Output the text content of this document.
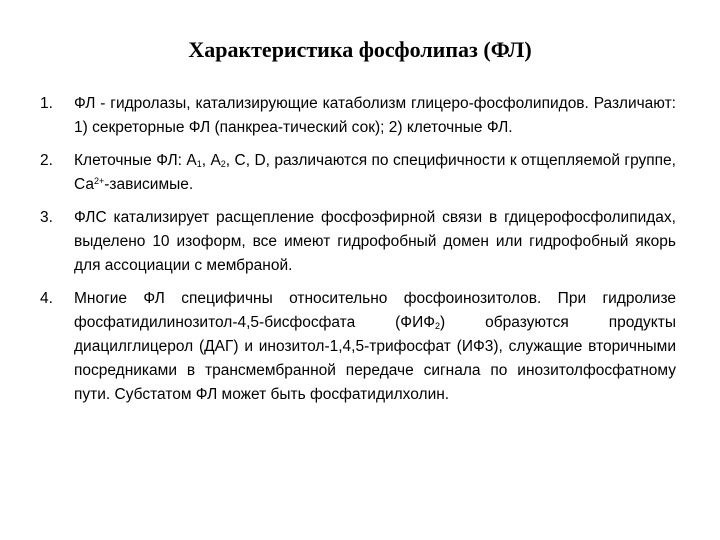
Характеристика фосфолипаз (ФЛ)
1.	ФЛ - гидролазы, катализирующие катаболизм глицеро-фосфолипидов. Различают: 1) секреторные ФЛ (панкреа-тический сок); 2) клеточные ФЛ.
2.	Клеточные ФЛ: $А_1$, $А_2$, С, D, различаются по специфичности к отщепляемой группе, $Са^{2+}$-зависимые.
3.	ФЛС катализирует расщепление фосфоэфирной связи в гдицерофосфолипидах, выделено 10 изоформ, все имеют гидрофобный домен или гидрофобный якорь для ассоциации с мембраной.
4.	Многие ФЛ специфичны относительно фосфоинозитолов. При гидролизе фосфатидилинозитол-4,5-бисфосфата $(ФИФ_2)$ образуются продукты диацилглицерол (ДАГ) и инозитол-1,4,5-трифосфат (ИФ3), служащие вторичными посредниками в трансмембранной передаче сигнала по инозитолфосфатному пути. Субстатом ФЛ может быть фосфатидилхолин.
